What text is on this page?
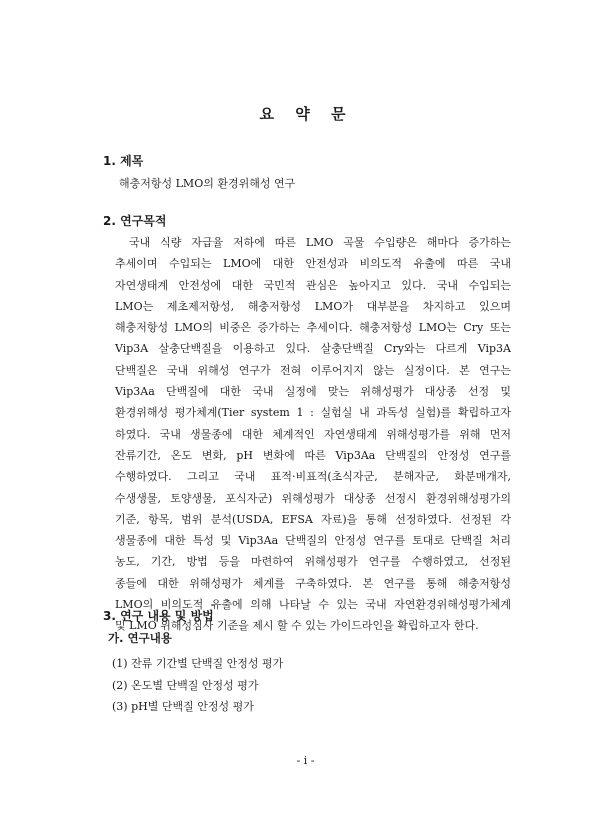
요 약 문
1. 제목
해충저항성 LMO의 환경위해성 연구
2. 연구목적
국내 식량 자급율 저하에 따른 LMO 곡물 수입량은 해마다 증가하는
추세이며 수입되는 LMO에 대한 안전성과 비의도적 유출에 따른 국내
자연생태계 안전성에 대한 국민적 관심은 높아지고 있다. 국내 수입되는
LMO는 제초제저항성, 해충저항성 LMO가 대부분을 차지하고 있으며
해충저항성 LMO의 비중은 증가하는 추세이다. 해충저항성 LMO는 Cry 또는
Vip3A 살충단백질을 이용하고 있다. 살충단백질 Cry와는 다르게 Vip3A
단백질은 국내 위해성 연구가 전혀 이루어지지 않는 실정이다. 본 연구는
Vip3Aa 단백질에 대한 국내 실정에 맞는 위해성평가 대상종 선정 및
환경위해성 평가체계(Tier system 1 : 실험실 내 과독성 실험)를 확립하고자
하였다. 국내 생물종에 대한 체계적인 자연생태계 위해성평가를 위해 먼저
잔류기간, 온도 변화, pH 변화에 따른 Vip3Aa 단백질의 안정성 연구를
수행하였다. 그리고 국내 표적·비표적(초식자군, 분해자군, 화분매개자,
수생생물, 토양생물, 포식자군) 위해성평가 대상종 선정시 환경위해성평가의
기준, 항목, 범위 분석(USDA, EFSA 자료)을 통해 선정하였다. 선정된 각
생물종에 대한 특성 및 Vip3Aa 단백질의 안정성 연구를 토대로 단백질 처리
농도, 기간, 방법 등을 마련하여 위해성평가 연구를 수행하였고, 선정된
종들에 대한 위해성평가 체계를 구축하였다. 본 연구를 통해 해충저항성
LMO의 비의도적 유출에 의해 나타날 수 있는 국내 자연환경위해성평가체계
및 LMO 위해성심사 기준을 제시 할 수 있는 가이드라인을 확립하고자 한다.
3. 연구 내용 및 방법
가. 연구내용
(1) 잔류 기간별 단백질 안정성 평가
(2) 온도별 단백질 안정성 평가
(3) pH별 단백질 안정성 평가
- i -
